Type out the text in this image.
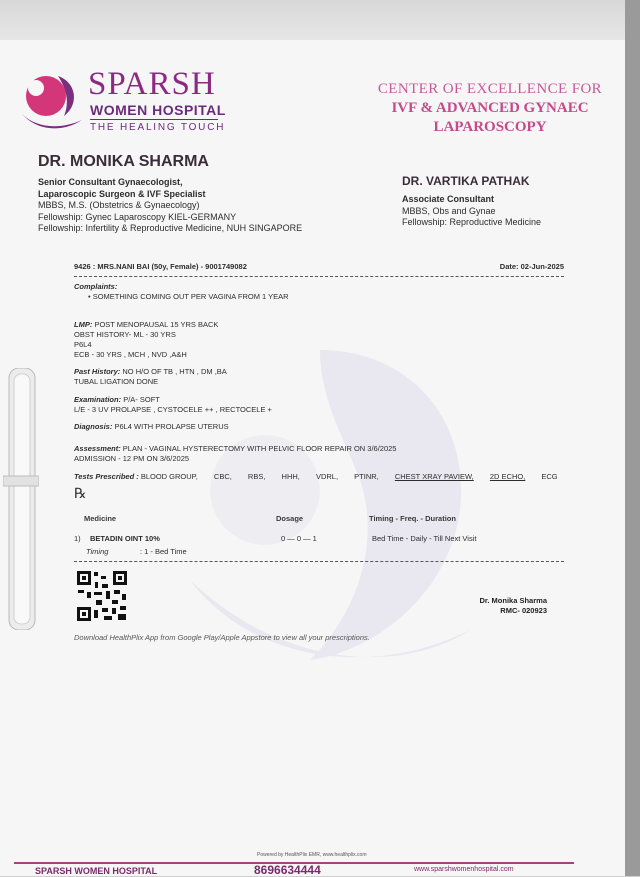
SPARSH
WOMEN HOSPITAL
THE HEALING TOUCH
CENTER OF EXCELLENCE FOR
IVF & ADVANCED GYNAEC
LAPAROSCOPY
DR. MONIKA SHARMA
Senior Consultant Gynaecologist,
Laparoscopic Surgeon & IVF Specialist
MBBS, M.S. (Obstetrics & Gynaecology)
Fellowship: Gynec Laparoscopy KIEL-GERMANY
Fellowship: Infertility & Reproductive Medicine, NUH SINGAPORE
DR. VARTIKA PATHAK
Associate Consultant
MBBS, Obs and Gynae
Fellowship: Reproductive Medicine
9426 : MRS.NANI BAI (50y, Female) - 9001749082	Date: 02-Jun-2025
Complaints:
• SOMETHING COMING OUT PER VAGINA FROM 1 YEAR
LMP: POST MENOPAUSAL 15 YRS BACK
OBST HISTORY- ML - 30 YRS
P6L4
ECB - 30 YRS , MCH , NVD ,A&H
Past History: NO H/O OF TB , HTN , DM ,BA
TUBAL LIGATION DONE
Examination: P/A- SOFT
L/E - 3 UV PROLAPSE , CYSTOCELE ++ , RECTOCELE +
Diagnosis: P6L4 WITH PROLAPSE UTERUS
Assessment: PLAN - VAGINAL HYSTERECTOMY WITH PELVIC FLOOR REPAIR ON 3/6/2025
ADMISSION - 12 PM ON 3/6/2025
Tests Prescribed : BLOOD GROUP, CBC, RBS, HHH, VDRL, PTINR, CHEST XRAY PAVIEW, 2D ECHO, ECG
℞
Medicine	Dosage	Timing - Freq. - Duration
1) BETADIN OINT 10%	0 — 0 — 1	Bed Time - Daily - Till Next Visit
Timing	: 1 - Bed Time
Dr. Monika Sharma
RMC- 020923
Download HealthPlix App from Google Play/Apple Appstore to view all your prescriptions.
Powered by HealthPlix EMR, www.healthplix.com
SPARSH WOMEN HOSPITAL	8696634444	www.sparshwomenhospital.com
